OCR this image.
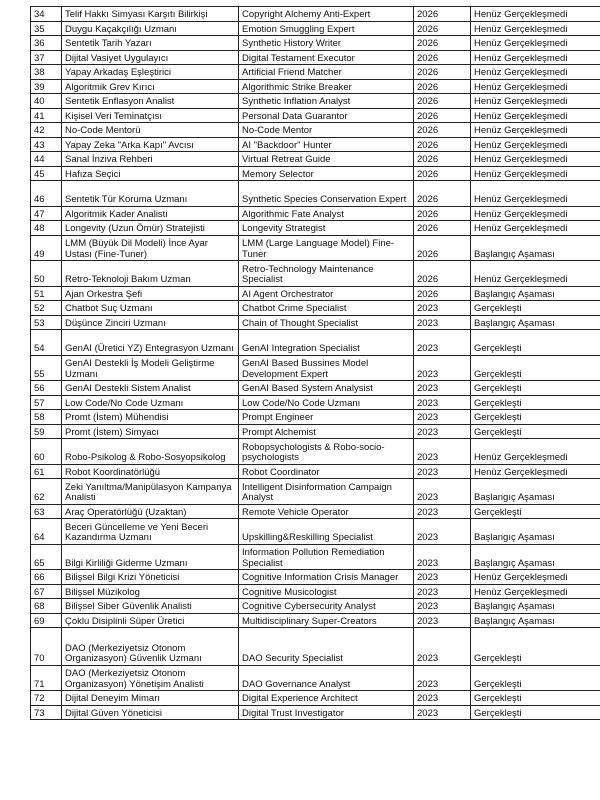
34	Telif Hakkı Simyası Karşıtı Bilirkişi	Copyright Alchemy Anti-Expert	2026	Henüz Gerçekleşmedi
35	Duygu Kaçakçılığı Uzmanı	Emotion Smuggling Expert	2026	Henüz Gerçekleşmedi
36	Sentetik Tarih Yazarı	Synthetic History Writer	2026	Henüz Gerçekleşmedi
37	Dijital Vasiyet Uygulayıcı	Digital Testament Executor	2026	Henüz Gerçekleşmedi
38	Yapay Arkadaş Eşleştirici	Artificial Friend Matcher	2026	Henüz Gerçekleşmedi
39	Algoritmik Grev Kırıcı	Algorithmic Strike Breaker	2026	Henüz Gerçekleşmedi
40	Sentetik Enflasyon Analist	Synthetic Inflation Analyst	2026	Henüz Gerçekleşmedi
41	Kişisel Veri Teminatçısı	Personal Data Guarantor	2026	Henüz Gerçekleşmedi
42	No-Code Mentorü	No-Code Mentor	2026	Henüz Gerçekleşmedi
43	Yapay Zeka "Arka Kapı" Avcısı	AI "Backdoor" Hunter	2026	Henüz Gerçekleşmedi
44	Sanal İnziva Rehberi	Virtual Retreat Guide	2026	Henüz Gerçekleşmedi
45	Hafıza Seçici	Memory Selector	2026	Henüz Gerçekleşmedi
46	Sentetik Tür Koruma Uzmanı	Synthetic Species Conservation Expert	2026	Henüz Gerçekleşmedi
47	Algoritmik Kader Analisti	Algorithmic Fate Analyst	2026	Henüz Gerçekleşmedi
48	Longevity (Uzun Ömür) Stratejisti	Longevity Strategist	2026	Henüz Gerçekleşmedi
49	LMM (Büyük Dil Modeli) İnce Ayar Ustası (Fine-Tuner)	LMM (Large Language Model) Fine-Tuner	2026	Başlangıç Aşaması
50	Retro-Teknoloji Bakım Uzman	Retro-Technology Maintenance Specialist	2026	Henüz Gerçekleşmedi
51	Ajan Orkestra Şefi	AI Agent Orchestrator	2026	Başlangıç Aşaması
52	Chatbot Suç Uzmanı	Chatbot Crime Specialist	2023	Gerçekleşti
53	Düşünce Zinciri Uzmanı	Chain of Thought Specialist	2023	Başlangıç Aşaması
54	GenAI (Üretici YZ) Entegrasyon Uzmanı	GenAI Integration Specialist	2023	Gerçekleşti
55	GenAI Destekli İş Modeli Geliştirme Uzmanı	GenAI Based Bussines Model Development Expert	2023	Gerçekleşti
56	GenAI Destekli Sistem Analist	GenAI Based System Analysist	2023	Gerçekleşti
57	Low Code/No Code Uzmanı	Low Code/No Code Uzmanı	2023	Gerçekleşti
58	Promt (İstem) Mühendisi	Prompt Engineer	2023	Gerçekleşti
59	Promt (İstem) Simyacı	Prompt Alchemist	2023	Gerçekleşti
60	Robo-Psikolog & Robo-Sosyopsikolog	Robopsychologists & Robo-socio-psychologists	2023	Henüz Gerçekleşmedi
61	Robot Koordinatörlüğü	Robot Coordinator	2023	Henüz Gerçekleşmedi
62	Zeki Yanıltma/Manipülasyon Kampanya Analisti	Intelligent Disinformation Campaign Analyst	2023	Başlangıç Aşaması
63	Araç Operatörlüğü (Uzaktan)	Remote Vehicle Operator	2023	Gerçekleşti
64	Beceri Güncelleme ve Yeni Beceri Kazandırma Uzmanı	Upskilling&Reskilling Specialist	2023	Başlangıç Aşaması
65	Bilgi Kirliliği Giderme Uzmanı	Information Pollution Remediation Specialist	2023	Başlangıç Aşaması
66	Bilişsel Bilgi Krizi Yöneticisi	Cognitive Information Crisis Manager	2023	Henüz Gerçekleşmedi
67	Bilişsel Müzikolog	Cognitive Musicologist	2023	Henüz Gerçekleşmedi
68	Bilişsel Siber Güvenlik Analisti	Cognitive Cybersecurity Analyst	2023	Başlangıç Aşaması
69	Çoklu Disiplinli Süper Üretici	Multidisciplinary Super-Creators	2023	Başlangıç Aşaması
70	DAO (Merkeziyetsiz Otonom Organizasyon) Güvenlik Uzmanı	DAO Security Specialist	2023	Gerçekleşti
71	DAO (Merkeziyetsiz Otonom Organizasyon) Yönetişim Analisti	DAO Governance Analyst	2023	Gerçekleşti
72	Dijital Deneyim Mimarı	Digital Experience Architect	2023	Gerçekleşti
73	Dijital Güven Yöneticisi	Digital Trust Investigator	2023	Gerçekleşti
